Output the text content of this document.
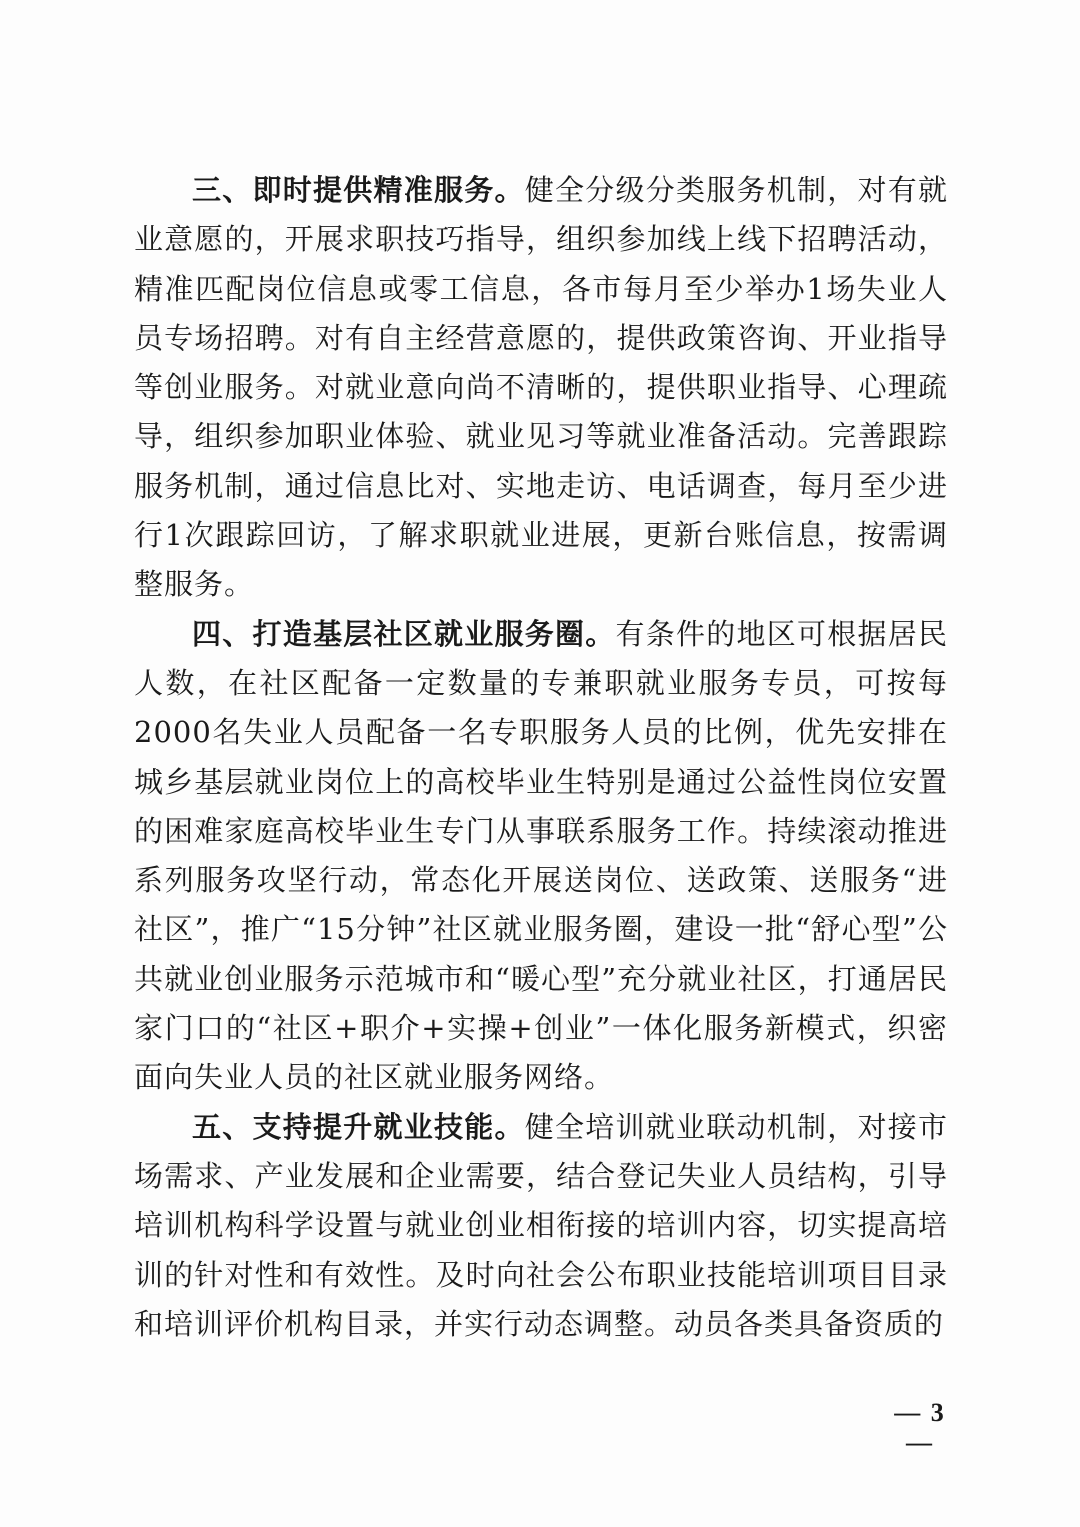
三、即时提供精准服务。健全分级分类服务机制，对有就业意愿的，开展求职技巧指导，组织参加线上线下招聘活动，精准匹配岗位信息或零工信息，各市每月至少举办1场失业人员专场招聘。对有自主经营意愿的，提供政策咨询、开业指导等创业服务。对就业意向尚不清晰的，提供职业指导、心理疏导，组织参加职业体验、就业见习等就业准备活动。完善跟踪服务机制，通过信息比对、实地走访、电话调查，每月至少进行1次跟踪回访，了解求职就业进展，更新台账信息，按需调整服务。

四、打造基层社区就业服务圈。有条件的地区可根据居民人数，在社区配备一定数量的专兼职就业服务专员，可按每2000名失业人员配备一名专职服务人员的比例，优先安排在城乡基层就业岗位上的高校毕业生特别是通过公益性岗位安置的困难家庭高校毕业生专门从事联系服务工作。持续滚动推进系列服务攻坚行动，常态化开展送岗位、送政策、送服务“进社区”，推广“15分钟”社区就业服务圈，建设一批“舒心型”公共就业创业服务示范城市和“暖心型”充分就业社区，打通居民家门口的“社区+职介+实操+创业”一体化服务新模式，织密面向失业人员的社区就业服务网络。

五、支持提升就业技能。健全培训就业联动机制，对接市场需求、产业发展和企业需要，结合登记失业人员结构，引导培训机构科学设置与就业创业相衔接的培训内容，切实提高培训的针对性和有效性。及时向社会公布职业技能培训项目目录和培训评价机构目录，并实行动态调整。动员各类具备资质的

— 3 —
